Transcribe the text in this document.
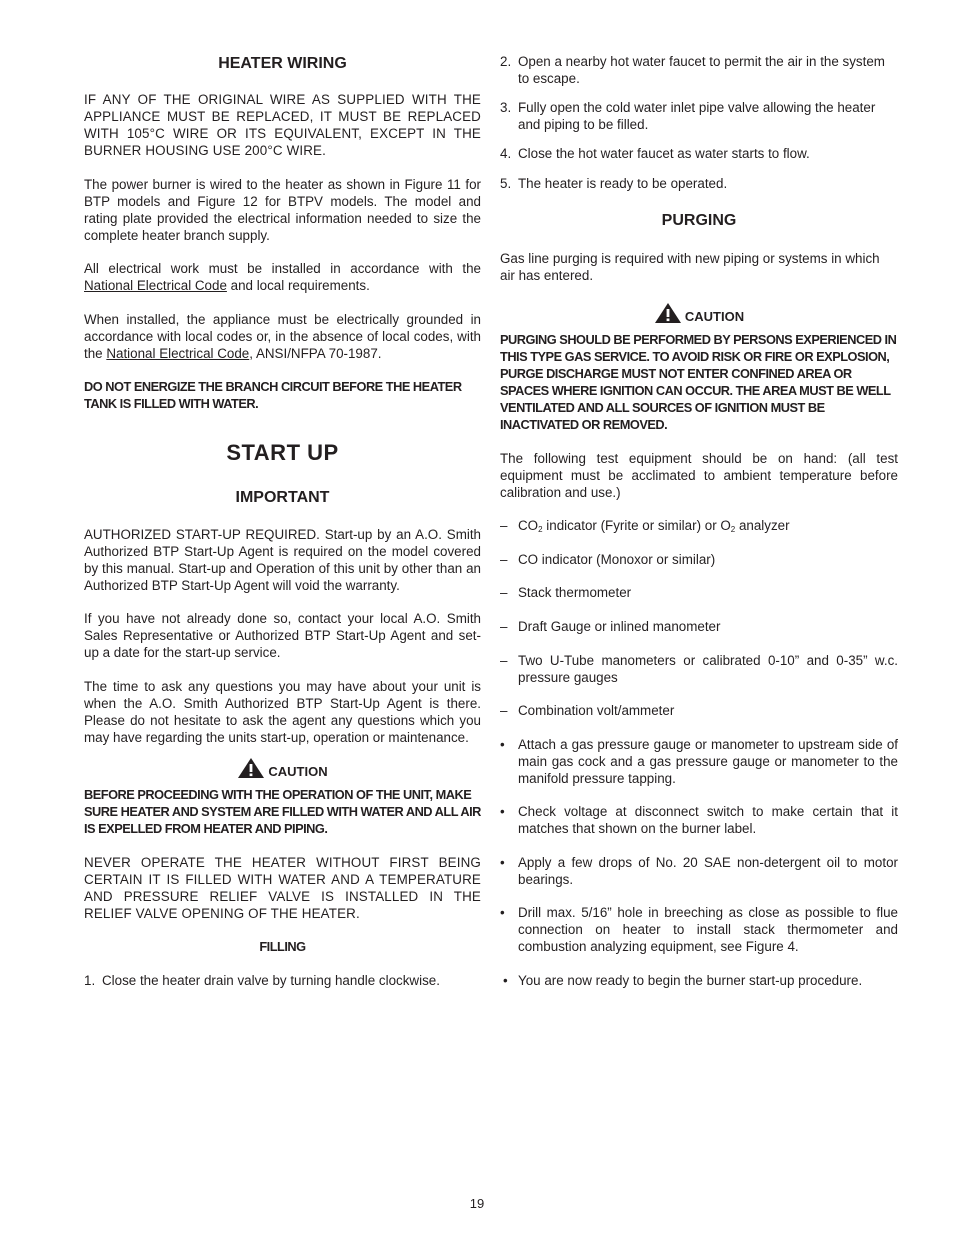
HEATER WIRING

IF ANY OF THE ORIGINAL WIRE AS SUPPLIED WITH THE APPLIANCE MUST BE REPLACED, IT MUST BE REPLACED WITH 105°C WIRE OR ITS EQUIVALENT, EXCEPT IN THE BURNER HOUSING USE 200°C WIRE.

The power burner is wired to the heater as shown in Figure 11 for BTP models and Figure 12 for BTPV models. The model and rating plate provided the electrical information needed to size the complete heater branch supply.

All electrical work must be installed in accordance with the National Electrical Code and local requirements.

When installed, the appliance must be electrically grounded in accordance with local codes or, in the absence of local codes, with the National Electrical Code, ANSI/NFPA 70-1987.

DO NOT ENERGIZE THE BRANCH CIRCUIT BEFORE THE HEATER TANK IS FILLED WITH WATER.

START UP
IMPORTANT

AUTHORIZED START-UP REQUIRED. Start-up by an A.O. Smith Authorized BTP Start-Up Agent is required on the model covered by this manual. Start-up and Operation of this unit by other than an Authorized BTP Start-Up Agent will void the warranty.

If you have not already done so, contact your local A.O. Smith Sales Representative or Authorized BTP Start-Up Agent and set-up a date for the start-up service.

The time to ask any questions you may have about your unit is when the A.O. Smith Authorized BTP Start-Up Agent is there. Please do not hesitate to ask the agent any questions which you may have regarding the units start-up, operation or maintenance.

CAUTION

BEFORE PROCEEDING WITH THE OPERATION OF THE UNIT, MAKE SURE HEATER AND SYSTEM ARE FILLED WITH WATER AND ALL AIR IS EXPELLED FROM HEATER AND PIPING.

NEVER OPERATE THE HEATER WITHOUT FIRST BEING CERTAIN IT IS FILLED WITH WATER AND A TEMPERATURE AND PRESSURE RELIEF VALVE IS INSTALLED IN THE RELIEF VALVE OPENING OF THE HEATER.

FILLING
1. Close the heater drain valve by turning handle clockwise.
2. Open a nearby hot water faucet to permit the air in the system to escape.
3. Fully open the cold water inlet pipe valve allowing the heater and piping to be filled.
4. Close the hot water faucet as water starts to flow.
5. The heater is ready to be operated.
PURGING

Gas line purging is required with new piping or systems in which air has entered.

CAUTION

PURGING SHOULD BE PERFORMED BY PERSONS EXPERIENCED IN THIS TYPE GAS SERVICE. TO AVOID RISK OR FIRE OR EXPLOSION, PURGE DISCHARGE MUST NOT ENTER CONFINED AREA OR SPACES WHERE IGNITION CAN OCCUR. THE AREA MUST BE WELL VENTILATED AND ALL SOURCES OF IGNITION MUST BE INACTIVATED OR REMOVED.

The following test equipment should be on hand: (all test equipment must be acclimated to ambient temperature before calibration and use.)

– $CO_2$ indicator (Fyrite or similar) or $O_2$ analyzer
– CO indicator (Monoxor or similar)
– Stack thermometer
– Draft Gauge or inlined manometer
– Two U-Tube manometers or calibrated 0-10” and 0-35” w.c. pressure gauges
– Combination volt/ammeter
• Attach a gas pressure gauge or manometer to upstream side of main gas cock and a gas pressure gauge or manometer to the manifold pressure tapping.
• Check voltage at disconnect switch to make certain that it matches that shown on the burner label.
• Apply a few drops of No. 20 SAE non-detergent oil to motor bearings.
• Drill max. 5/16” hole in breeching as close as possible to flue connection on heater to install stack thermometer and combustion analyzing equipment, see Figure 4.
• You are now ready to begin the burner start-up procedure.
19
